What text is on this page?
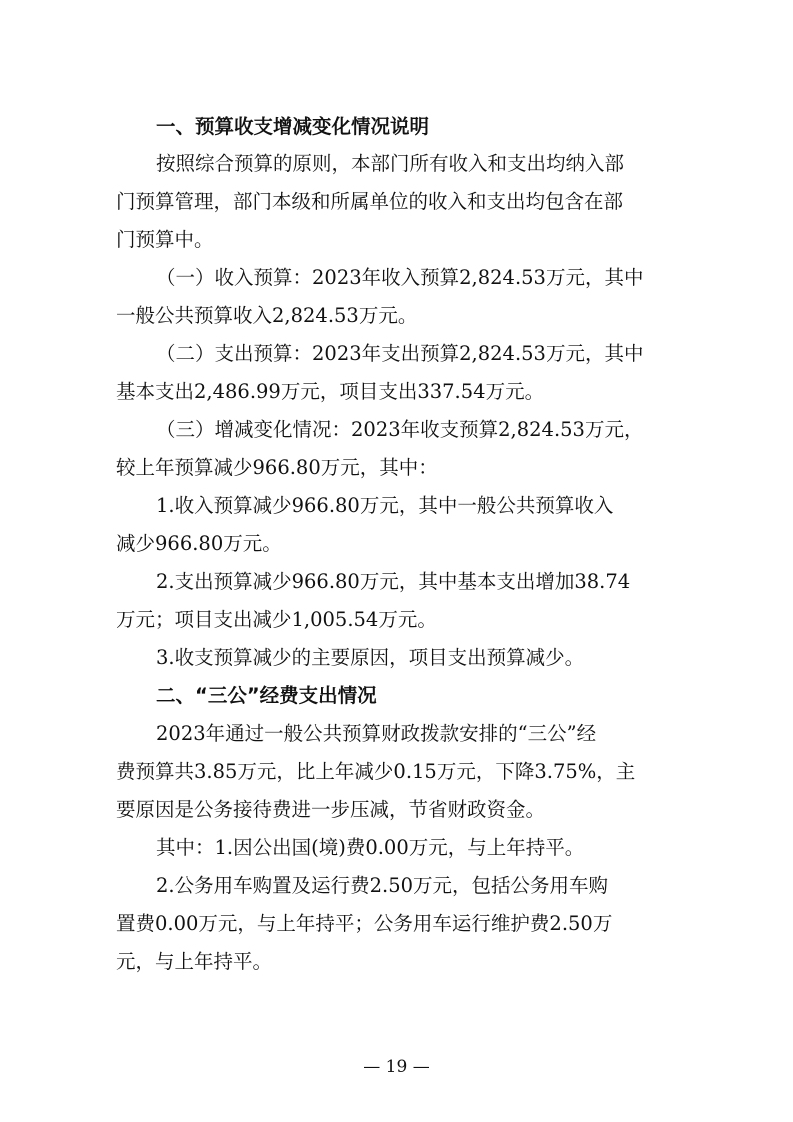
一、预算收支增减变化情况说明
按照综合预算的原则，本部门所有收入和支出均纳入部
门预算管理，部门本级和所属单位的收入和支出均包含在部
门预算中。
（一）收入预算：2023年收入预算2,824.53万元，其中
一般公共预算收入2,824.53万元。
（二）支出预算：2023年支出预算2,824.53万元，其中
基本支出2,486.99万元，项目支出337.54万元。
（三）增减变化情况：2023年收支预算2,824.53万元，
较上年预算减少966.80万元，其中：
1.收入预算减少966.80万元，其中一般公共预算收入
减少966.80万元。
2.支出预算减少966.80万元，其中基本支出增加38.74
万元；项目支出减少1,005.54万元。
3.收支预算减少的主要原因，项目支出预算减少。
二、“三公”经费支出情况
2023年通过一般公共预算财政拨款安排的“三公”经
费预算共3.85万元，比上年减少0.15万元，下降3.75%，主
要原因是公务接待费进一步压减，节省财政资金。
其中：1.因公出国(境)费0.00万元，与上年持平。
2.公务用车购置及运行费2.50万元，包括公务用车购
置费0.00万元，与上年持平；公务用车运行维护费2.50万
元，与上年持平。
— 19 —
